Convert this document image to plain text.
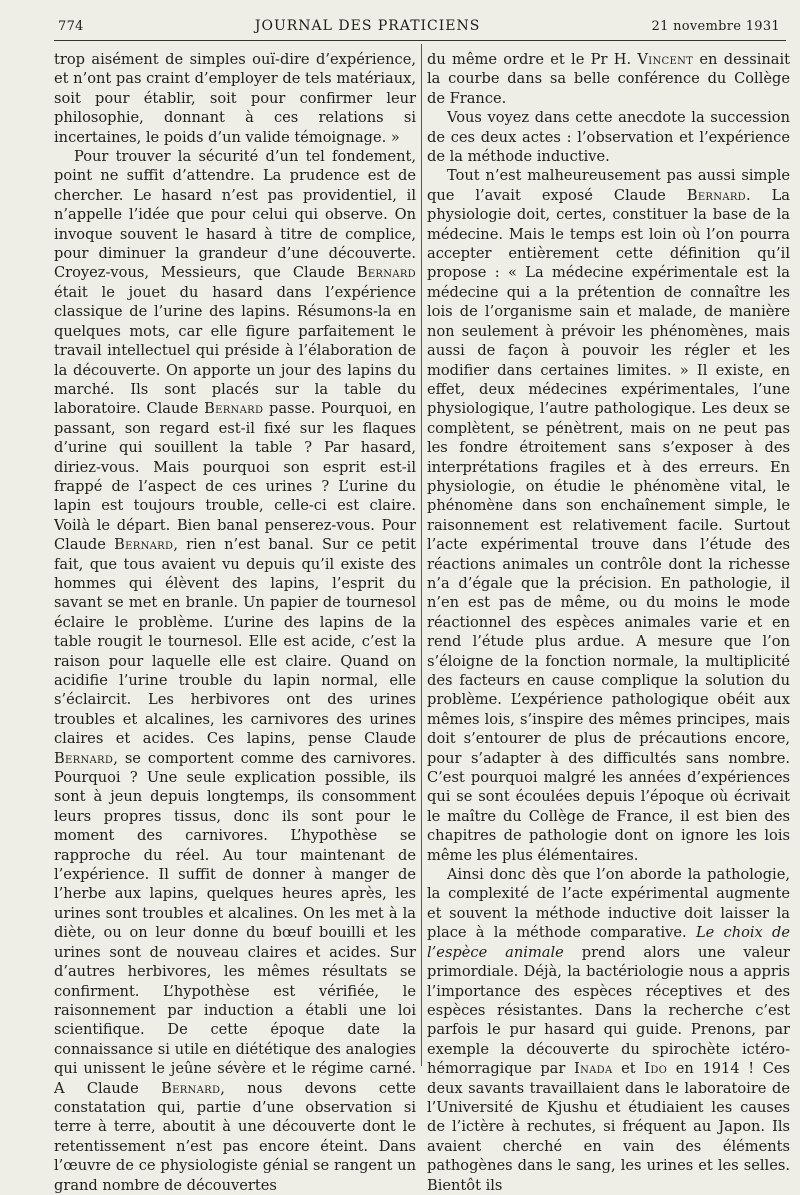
774	JOURNAL DES PRATICIENS	21 novembre 1931

trop aisément de simples ouï-dire d’expérience, et n’ont pas craint d’employer de tels matériaux, soit pour établir, soit pour confirmer leur philosophie, donnant à ces relations si incertaines, le poids d’un valide témoignage. »

Pour trouver la sécurité d’un tel fondement, point ne suffit d’attendre. La prudence est de chercher. Le hasard n’est pas providentiel, il n’appelle l’idée que pour celui qui observe. On invoque souvent le hasard à titre de complice, pour diminuer la grandeur d’une découverte. Croyez-vous, Messieurs, que Claude Bernard était le jouet du hasard dans l’expérience classique de l’urine des lapins. Résumons-la en quelques mots, car elle figure parfaitement le travail intellectuel qui préside à l’élaboration de la découverte. On apporte un jour des lapins du marché. Ils sont placés sur la table du laboratoire. Claude Bernard passe. Pourquoi, en passant, son regard est-il fixé sur les flaques d’urine qui souillent la table ? Par hasard, diriez-vous. Mais pourquoi son esprit est-il frappé de l’aspect de ces urines ? L’urine du lapin est toujours trouble, celle-ci est claire. Voilà le départ. Bien banal penserez-vous. Pour Claude Bernard, rien n’est banal. Sur ce petit fait, que tous avaient vu depuis qu’il existe des hommes qui élèvent des lapins, l’esprit du savant se met en branle. Un papier de tournesol éclaire le problème. L’urine des lapins de la table rougit le tournesol. Elle est acide, c’est la raison pour laquelle elle est claire. Quand on acidifie l’urine trouble du lapin normal, elle s’éclaircit. Les herbivores ont des urines troubles et alcalines, les carnivores des urines claires et acides. Ces lapins, pense Claude Bernard, se comportent comme des carnivores. Pourquoi ? Une seule explication possible, ils sont à jeun depuis longtemps, ils consomment leurs propres tissus, donc ils sont pour le moment des carnivores. L’hypothèse se rapproche du réel. Au tour maintenant de l’expérience. Il suffit de donner à manger de l’herbe aux lapins, quelques heures après, les urines sont troubles et alcalines. On les met à la diète, ou on leur donne du bœuf bouilli et les urines sont de nouveau claires et acides. Sur d’autres herbivores, les mêmes résultats se confirment. L’hypothèse est vérifiée, le raisonnement par induction a établi une loi scientifique. De cette époque date la connaissance si utile en diététique des analogies qui unissent le jeûne sévère et le régime carné. A Claude Bernard, nous devons cette constatation qui, partie d’une observation si terre à terre, aboutit à une découverte dont le retentissement n’est pas encore éteint. Dans l’œuvre de ce physiologiste génial se rangent un grand nombre de découvertes

du même ordre et le Pr H. Vincent en dessinait la courbe dans sa belle conférence du Collège de France.

Vous voyez dans cette anecdote la succession de ces deux actes : l’observation et l’expérience de la méthode inductive.

Tout n’est malheureusement pas aussi simple que l’avait exposé Claude Bernard. La physiologie doit, certes, constituer la base de la médecine. Mais le temps est loin où l’on pourra accepter entièrement cette définition qu’il propose : « La médecine expérimentale est la médecine qui a la prétention de connaître les lois de l’organisme sain et malade, de manière non seulement à prévoir les phénomènes, mais aussi de façon à pouvoir les régler et les modifier dans certaines limites. » Il existe, en effet, deux médecines expérimentales, l’une physiologique, l’autre pathologique. Les deux se complètent, se pénètrent, mais on ne peut pas les fondre étroitement sans s’exposer à des interprétations fragiles et à des erreurs. En physiologie, on étudie le phénomène vital, le phénomène dans son enchaînement simple, le raisonnement est relativement facile. Surtout l’acte expérimental trouve dans l’étude des réactions animales un contrôle dont la richesse n’a d’égale que la précision. En pathologie, il n’en est pas de même, ou du moins le mode réactionnel des espèces animales varie et en rend l’étude plus ardue. A mesure que l’on s’éloigne de la fonction normale, la multiplicité des facteurs en cause complique la solution du problème. L’expérience pathologique obéit aux mêmes lois, s’inspire des mêmes principes, mais doit s’entourer de plus de précautions encore, pour s’adapter à des difficultés sans nombre. C’est pourquoi malgré les années d’expériences qui se sont écoulées depuis l’époque où écrivait le maître du Collège de France, il est bien des chapitres de pathologie dont on ignore les lois même les plus élémentaires.

Ainsi donc dès que l’on aborde la pathologie, la complexité de l’acte expérimental augmente et souvent la méthode inductive doit laisser la place à la méthode comparative. Le choix de l’espèce animale prend alors une valeur primordiale. Déjà, la bactériologie nous a appris l’importance des espèces réceptives et des espèces résistantes. Dans la recherche c’est parfois le pur hasard qui guide. Prenons, par exemple la découverte du spirochète ictéro-hémorragique par Inada et Ido en 1914 ! Ces deux savants travaillaient dans le laboratoire de l’Université de Kjushu et étudiaient les causes de l’ictère à rechutes, si fréquent au Japon. Ils avaient cherché en vain des éléments pathogènes dans le sang, les urines et les selles. Bientôt ils
